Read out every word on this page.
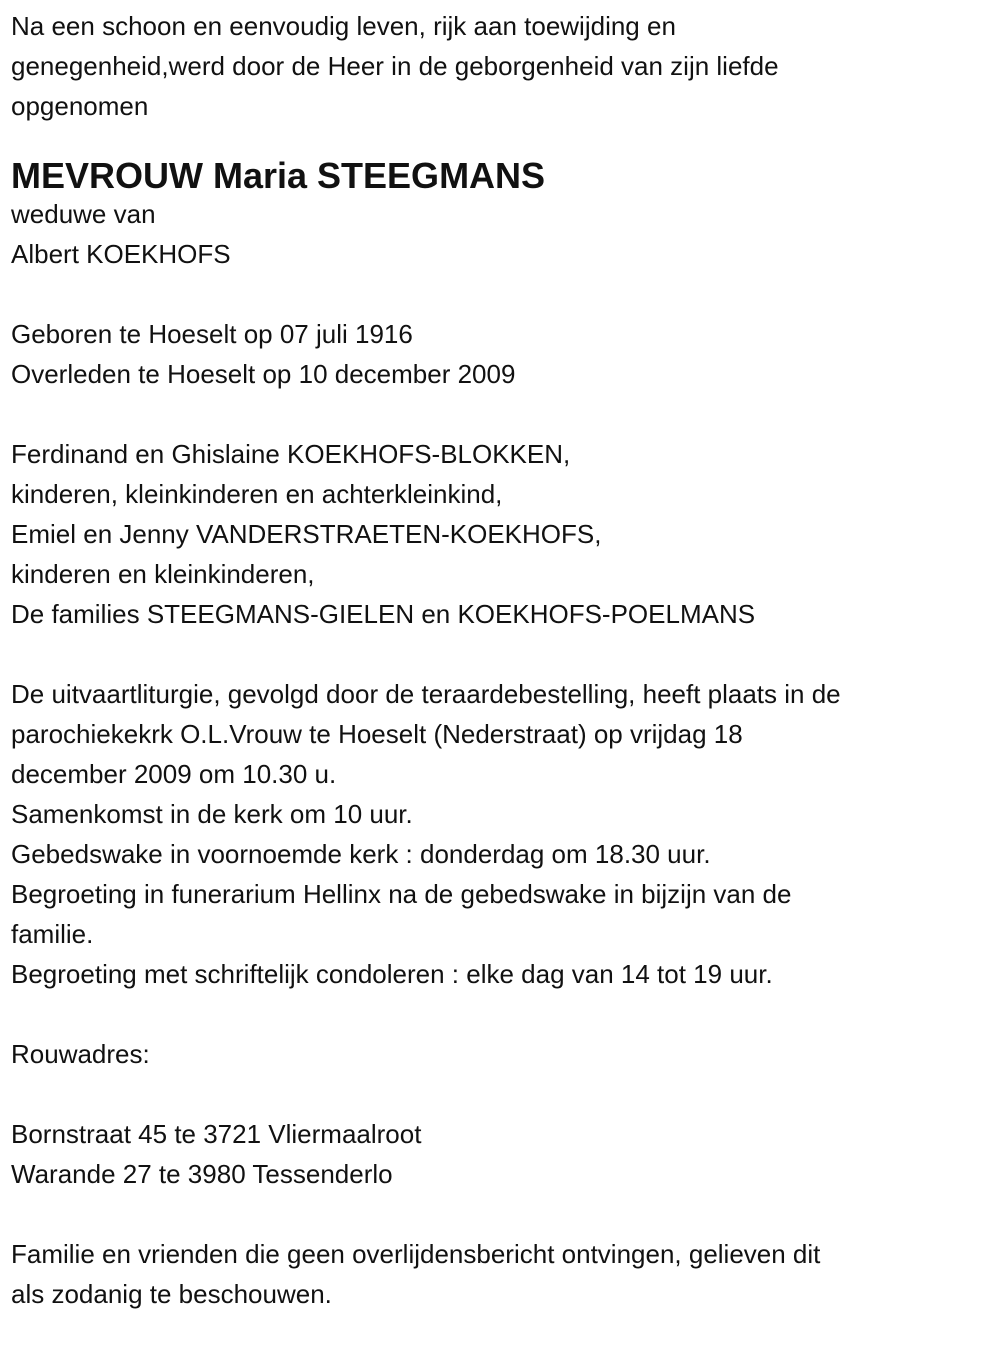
Na een schoon en eenvoudig leven, rijk aan toewijding en
genegenheid,werd door de Heer in de geborgenheid van zijn liefde
opgenomen
MEVROUW Maria STEEGMANS
weduwe van
Albert KOEKHOFS
Geboren te Hoeselt op 07 juli 1916
Overleden te Hoeselt op 10 december 2009
Ferdinand en Ghislaine KOEKHOFS-BLOKKEN,
kinderen, kleinkinderen en achterkleinkind,
Emiel en Jenny VANDERSTRAETEN-KOEKHOFS,
kinderen en kleinkinderen,
De families STEEGMANS-GIELEN en KOEKHOFS-POELMANS
De uitvaartliturgie, gevolgd door de teraardebestelling, heeft plaats in de
parochiekekrk O.L.Vrouw te Hoeselt (Nederstraat) op vrijdag 18
december 2009 om 10.30 u.
Samenkomst in de kerk om 10 uur.
Gebedswake in voornoemde kerk : donderdag om 18.30 uur.
Begroeting in funerarium Hellinx na de gebedswake in bijzijn van de
familie.
Begroeting met schriftelijk condoleren : elke dag van 14 tot 19 uur.
Rouwadres:
Bornstraat 45 te 3721 Vliermaalroot
Warande 27 te 3980 Tessenderlo
Familie en vrienden die geen overlijdensbericht ontvingen, gelieven dit
als zodanig te beschouwen.
